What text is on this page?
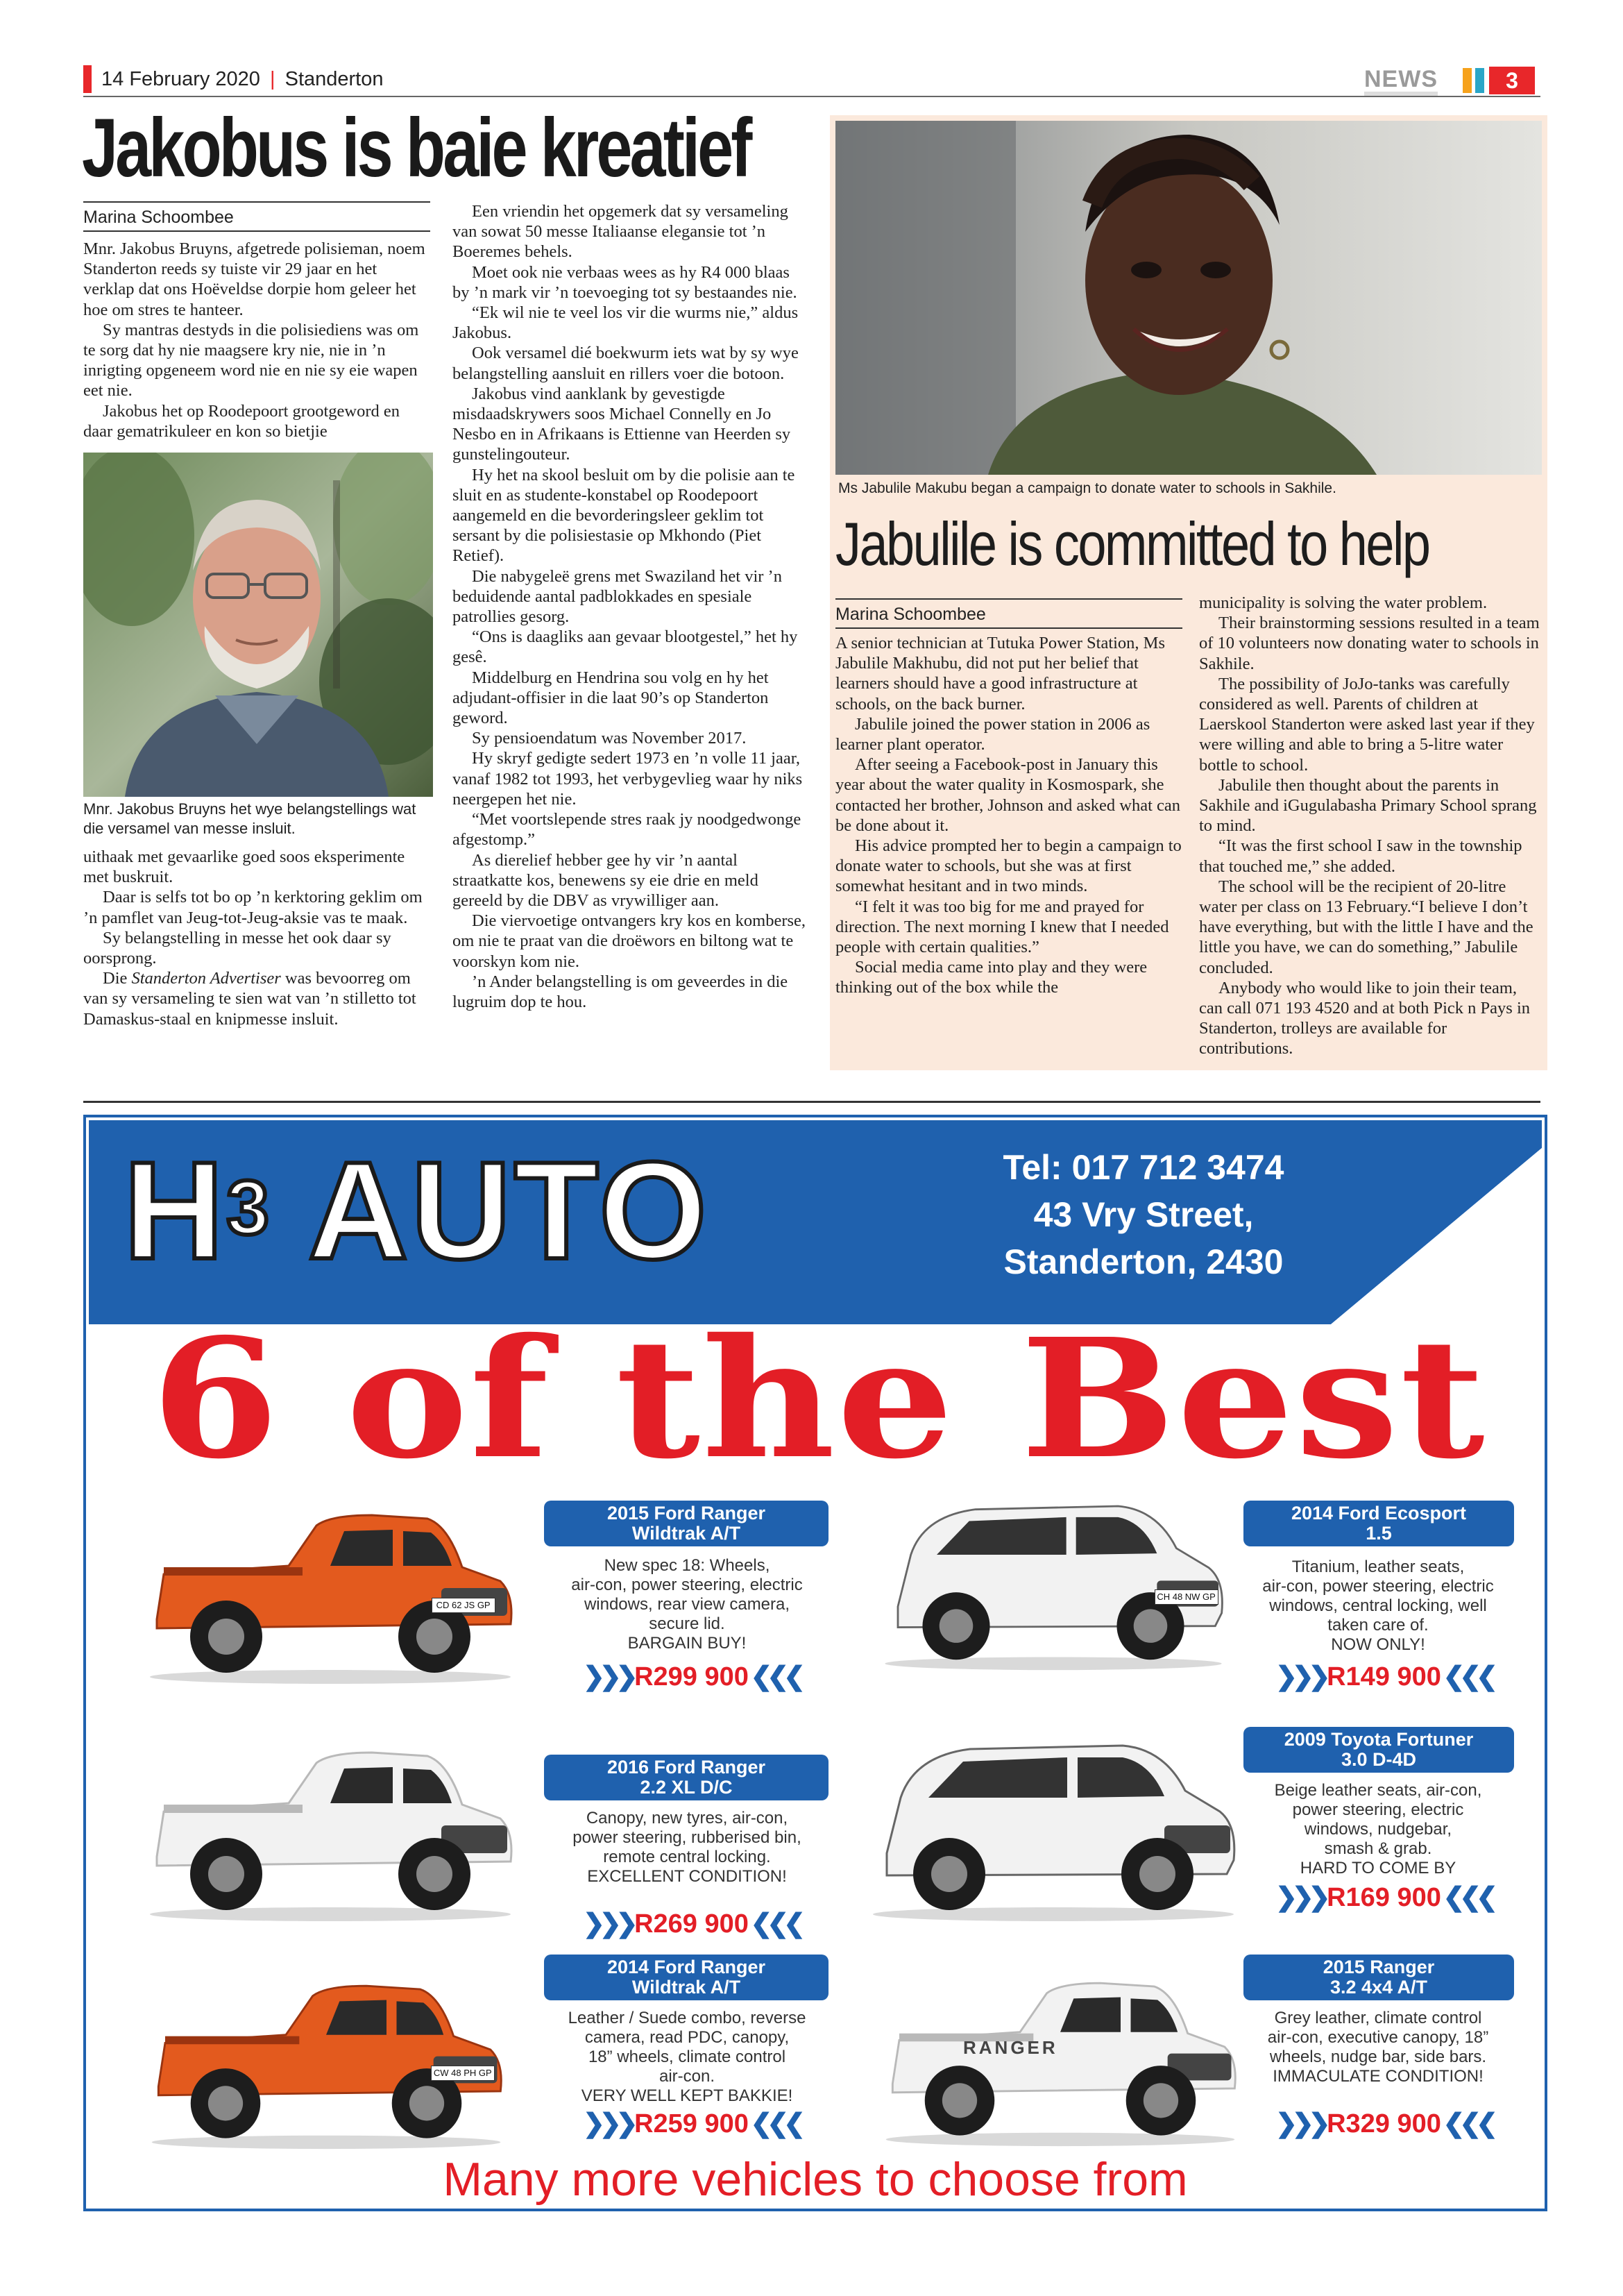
14 February 2020 | Standerton	NEWS	3
Jakobus is baie kreatief
Marina Schoombee

Mnr. Jakobus Bruyns, afgetrede polisieman, noem Standerton reeds sy tuiste vir 29 jaar en het verklap dat ons Hoëveldse dorpie hom geleer het hoe om stres te hanteer.

Sy mantras destyds in die polisiediens was om te sorg dat hy nie maagsere kry nie, nie in ’n inrigting opgeneem word nie en nie sy eie wapen eet nie.

Jakobus het op Roodepoort grootgeword en daar gematrikuleer en kon so bietjie

Mnr. Jakobus Bruyns het wye belangstellings wat die versamel van messe insluit.

uithaak met gevaarlike goed soos eksperimente met buskruit.

Daar is selfs tot bo op ’n kerktoring geklim om ’n pamflet van Jeug-tot-Jeug-aksie vas te maak.

Sy belangstelling in messe het ook daar sy oorsprong.

Die Standerton Advertiser was bevoorreg om van sy versameling te sien wat van ’n stilletto tot Damaskus-staal en knipmesse insluit.

Een vriendin het opgemerk dat sy versameling van sowat 50 messe Italiaanse elegansie tot ’n Boeremes behels.

Moet ook nie verbaas wees as hy R4 000 blaas by ’n mark vir ’n toevoeging tot sy bestaandes nie.

“Ek wil nie te veel los vir die wurms nie,” aldus Jakobus.

Ook versamel dié boekwurm iets wat by sy wye belangstelling aansluit en rillers voer die botoon.

Jakobus vind aanklank by gevestigde misdaadskrywers soos Michael Connelly en Jo Nesbo en in Afrikaans is Ettienne van Heerden sy gunstelingouteur.

Hy het na skool besluit om by die polisie aan te sluit en as studente-konstabel op Roodepoort aangemeld en die bevorderingsleer geklim tot sersant by die polisiestasie op Mkhondo (Piet Retief).

Die nabygeleë grens met Swaziland het vir ’n beduidende aantal padblokkades en spesiale patrollies gesorg.

“Ons is daagliks aan gevaar blootgestel,” het hy gesê.

Middelburg en Hendrina sou volg en hy het adjudant-offisier in die laat 90’s op Standerton geword.

Sy pensioendatum was November 2017.

Hy skryf gedigte sedert 1973 en ’n volle 11 jaar, vanaf 1982 tot 1993, het verbygevlieg waar hy niks neergepen het nie.

“Met voortslepende stres raak jy noodgedwonge afgestomp.”

As dierelief hebber gee hy vir ’n aantal straatkatte kos, benewens sy eie drie en meld gereeld by die DBV as vrywilliger aan.

Die viervoetige ontvangers kry kos en komberse, om nie te praat van die droëwors en biltong wat te voorskyn kom nie.

’n Ander belangstelling is om geveerdes in die lugruim dop te hou.

Ms Jabulile Makubu began a campaign to donate water to schools in Sakhile.
Jabulile is committed to help
Marina Schoombee

A senior technician at Tutuka Power Station, Ms Jabulile Makhubu, did not put her belief that learners should have a good infrastructure at schools, on the back burner.

Jabulile joined the power station in 2006 as learner plant operator.

After seeing a Facebook-post in January this year about the water quality in Kosmospark, she contacted her brother, Johnson and asked what can be done about it.

His advice prompted her to begin a campaign to donate water to schools, but she was at first somewhat hesitant and in two minds.

“I felt it was too big for me and prayed for direction. The next morning I knew that I needed people with certain qualities.”

Social media came into play and they were thinking out of the box while the

municipality is solving the water problem.

Their brainstorming sessions resulted in a team of 10 volunteers now donating water to schools in Sakhile.

The possibility of JoJo-tanks was carefully considered as well. Parents of children at Laerskool Standerton were asked last year if they were willing and able to bring a 5-litre water bottle to school.

Jabulile then thought about the parents in Sakhile and iGugulabasha Primary School sprang to mind.

“It was the first school I saw in the township that touched me,” she added.

The school will be the recipient of 20-litre water per class on 13 February.“I believe I don’t have everything, but with the little I have and the little you have, we can do something,” Jabulile concluded.

Anybody who would like to join their team, can call 071 193 4520 and at both Pick n Pays in Standerton, trolleys are available for contributions.

$H^3$ AUTO	Tel: 017 712 3474
43 Vry Street,
Standerton, 2430
6 of the Best
CD 62 JS GP
CH 48 NW GP
CW 48 PH GP
RANGER
2015 Ford Ranger
Wildtrak A/T
New spec 18: Wheels,
air-con, power steering, electric
windows, rear view camera,
secure lid.
BARGAIN BUY!
❯❯❯ R299 900 ❮❮❮
2014 Ford Ecosport
1.5
Titanium, leather seats,
air-con, power steering, electric
windows, central locking, well
taken care of.
NOW ONLY!
❯❯❯ R149 900 ❮❮❮
2016 Ford Ranger
2.2 XL D/C
Canopy, new tyres, air-con,
power steering, rubberised bin,
remote central locking.
EXCELLENT CONDITION!
❯❯❯ R269 900 ❮❮❮
2009 Toyota Fortuner
3.0 D-4D
Beige leather seats, air-con,
power steering, electric
windows, nudgebar,
smash & grab.
HARD TO COME BY
❯❯❯ R169 900 ❮❮❮
2014 Ford Ranger
Wildtrak A/T
Leather / Suede combo, reverse
camera, read PDC, canopy,
18” wheels, climate control
air-con.
VERY WELL KEPT BAKKIE!
❯❯❯ R259 900 ❮❮❮
2015 Ranger
3.2 4x4 A/T
Grey leather, climate control
air-con, executive canopy, 18”
wheels, nudge bar, side bars.
IMMACULATE CONDITION!
❯❯❯ R329 900 ❮❮❮
Many more vehicles to choose from
